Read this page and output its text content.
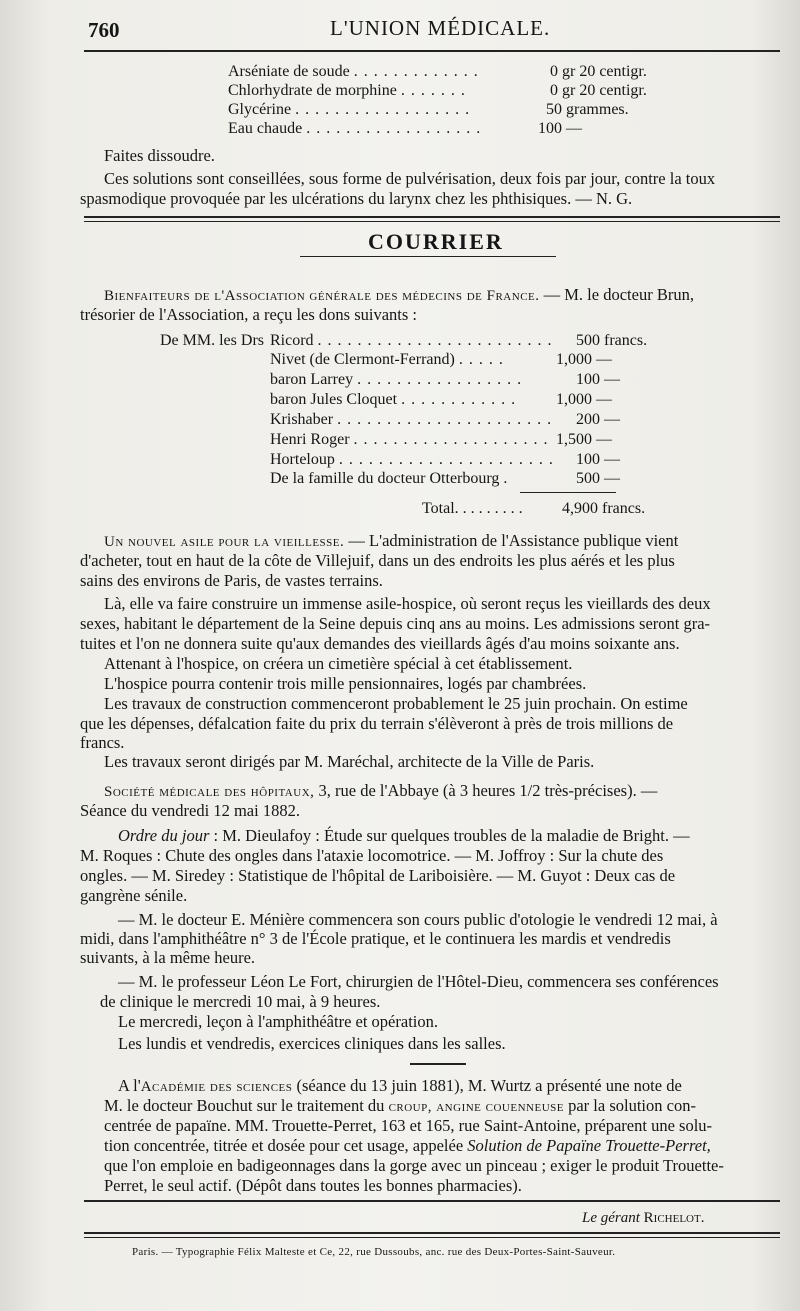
760	L'UNION MÉDICALE.
Arséniate de soude . . . . . . . . . . . . .	0 gr 20 centigr.
Chlorhydrate de morphine . . . . . . .	0 gr 20 centigr.
Glycérine . . . . . . . . . . . . . . . . . .	50 grammes.
Eau chaude . . . . . . . . . . . . . . . . . .	100 —
Faites dissoudre.
Ces solutions sont conseillées, sous forme de pulvérisation, deux fois par jour, contre la toux
spasmodique provoquée par les ulcérations du larynx chez les phthisiques. — N. G.
COURRIER
Bienfaiteurs de l'Association générale des médecins de France. — M. le docteur Brun,
trésorier de l'Association, a reçu les dons suivants :
De MM. les Drs Ricord . . . . . . . . . . . . . . . . . . . . . . . . 500 francs.
Nivet (de Clermont-Ferrand) . . . . .	1,000 —
baron Larrey . . . . . . . . . . . . . . . . .	100 —
baron Jules Cloquet . . . . . . . . . . . . 1,000 —
Krishaber . . . . . . . . . . . . . . . . . . . . . . 200 —
Henri Roger . . . . . . . . . . . . . . . . . . . . 1,500 —
Horteloup . . . . . . . . . . . . . . . . . . . . . . 100 —
De la famille du docteur Otterbourg .	500 —
Total. . . . . . . . . 4,900 francs.
Un nouvel asile pour la vieillesse. — L'administration de l'Assistance publique vient
d'acheter, tout en haut de la côte de Villejuif, dans un des endroits les plus aérés et les plus
sains des environs de Paris, de vastes terrains.
Là, elle va faire construire un immense asile-hospice, où seront reçus les vieillards des deux
sexes, habitant le département de la Seine depuis cinq ans au moins. Les admissions seront gra-
tuites et l'on ne donnera suite qu'aux demandes des vieillards âgés d'au moins soixante ans.
Attenant à l'hospice, on créera un cimetière spécial à cet établissement.
L'hospice pourra contenir trois mille pensionnaires, logés par chambrées.
Les travaux de construction commenceront probablement le 25 juin prochain. On estime
que les dépenses, défalcation faite du prix du terrain s'élèveront à près de trois millions de
francs.
Les travaux seront dirigés par M. Maréchal, architecte de la Ville de Paris.
Société médicale des hôpitaux, 3, rue de l'Abbaye (à 3 heures 1/2 très-précises). —
Séance du vendredi 12 mai 1882.
Ordre du jour : M. Dieulafoy : Étude sur quelques troubles de la maladie de Bright. —
M. Roques : Chute des ongles dans l'ataxie locomotrice. — M. Joffroy : Sur la chute des
ongles. — M. Siredey : Statistique de l'hôpital de Lariboisière. — M. Guyot : Deux cas de
gangrène sénile.
— M. le docteur E. Ménière commencera son cours public d'otologie le vendredi 12 mai, à
midi, dans l'amphithéâtre n° 3 de l'École pratique, et le continuera les mardis et vendredis
suivants, à la même heure.
— M. le professeur Léon Le Fort, chirurgien de l'Hôtel-Dieu, commencera ses conférences
de clinique le mercredi 10 mai, à 9 heures.
Le mercredi, leçon à l'amphithéâtre et opération.
Les lundis et vendredis, exercices cliniques dans les salles.
A l'Académie des sciences (séance du 13 juin 1881), M. Wurtz a présenté une note de
M. le docteur Bouchut sur le traitement du croup, angine couenneuse par la solution con-
centrée de papaïne. MM. Trouette-Perret, 163 et 165, rue Saint-Antoine, préparent une solu-
tion concentrée, titrée et dosée pour cet usage, appelée Solution de Papaïne Trouette-Perret,
que l'on emploie en badigeonnages dans la gorge avec un pinceau ; exiger le produit Trouette-
Perret, le seul actif. (Dépôt dans toutes les bonnes pharmacies).
Le gérant Richelot.
Paris. — Typographie Félix Malteste et Ce, 22, rue Dussoubs, anc. rue des Deux-Portes-Saint-Sauveur.
